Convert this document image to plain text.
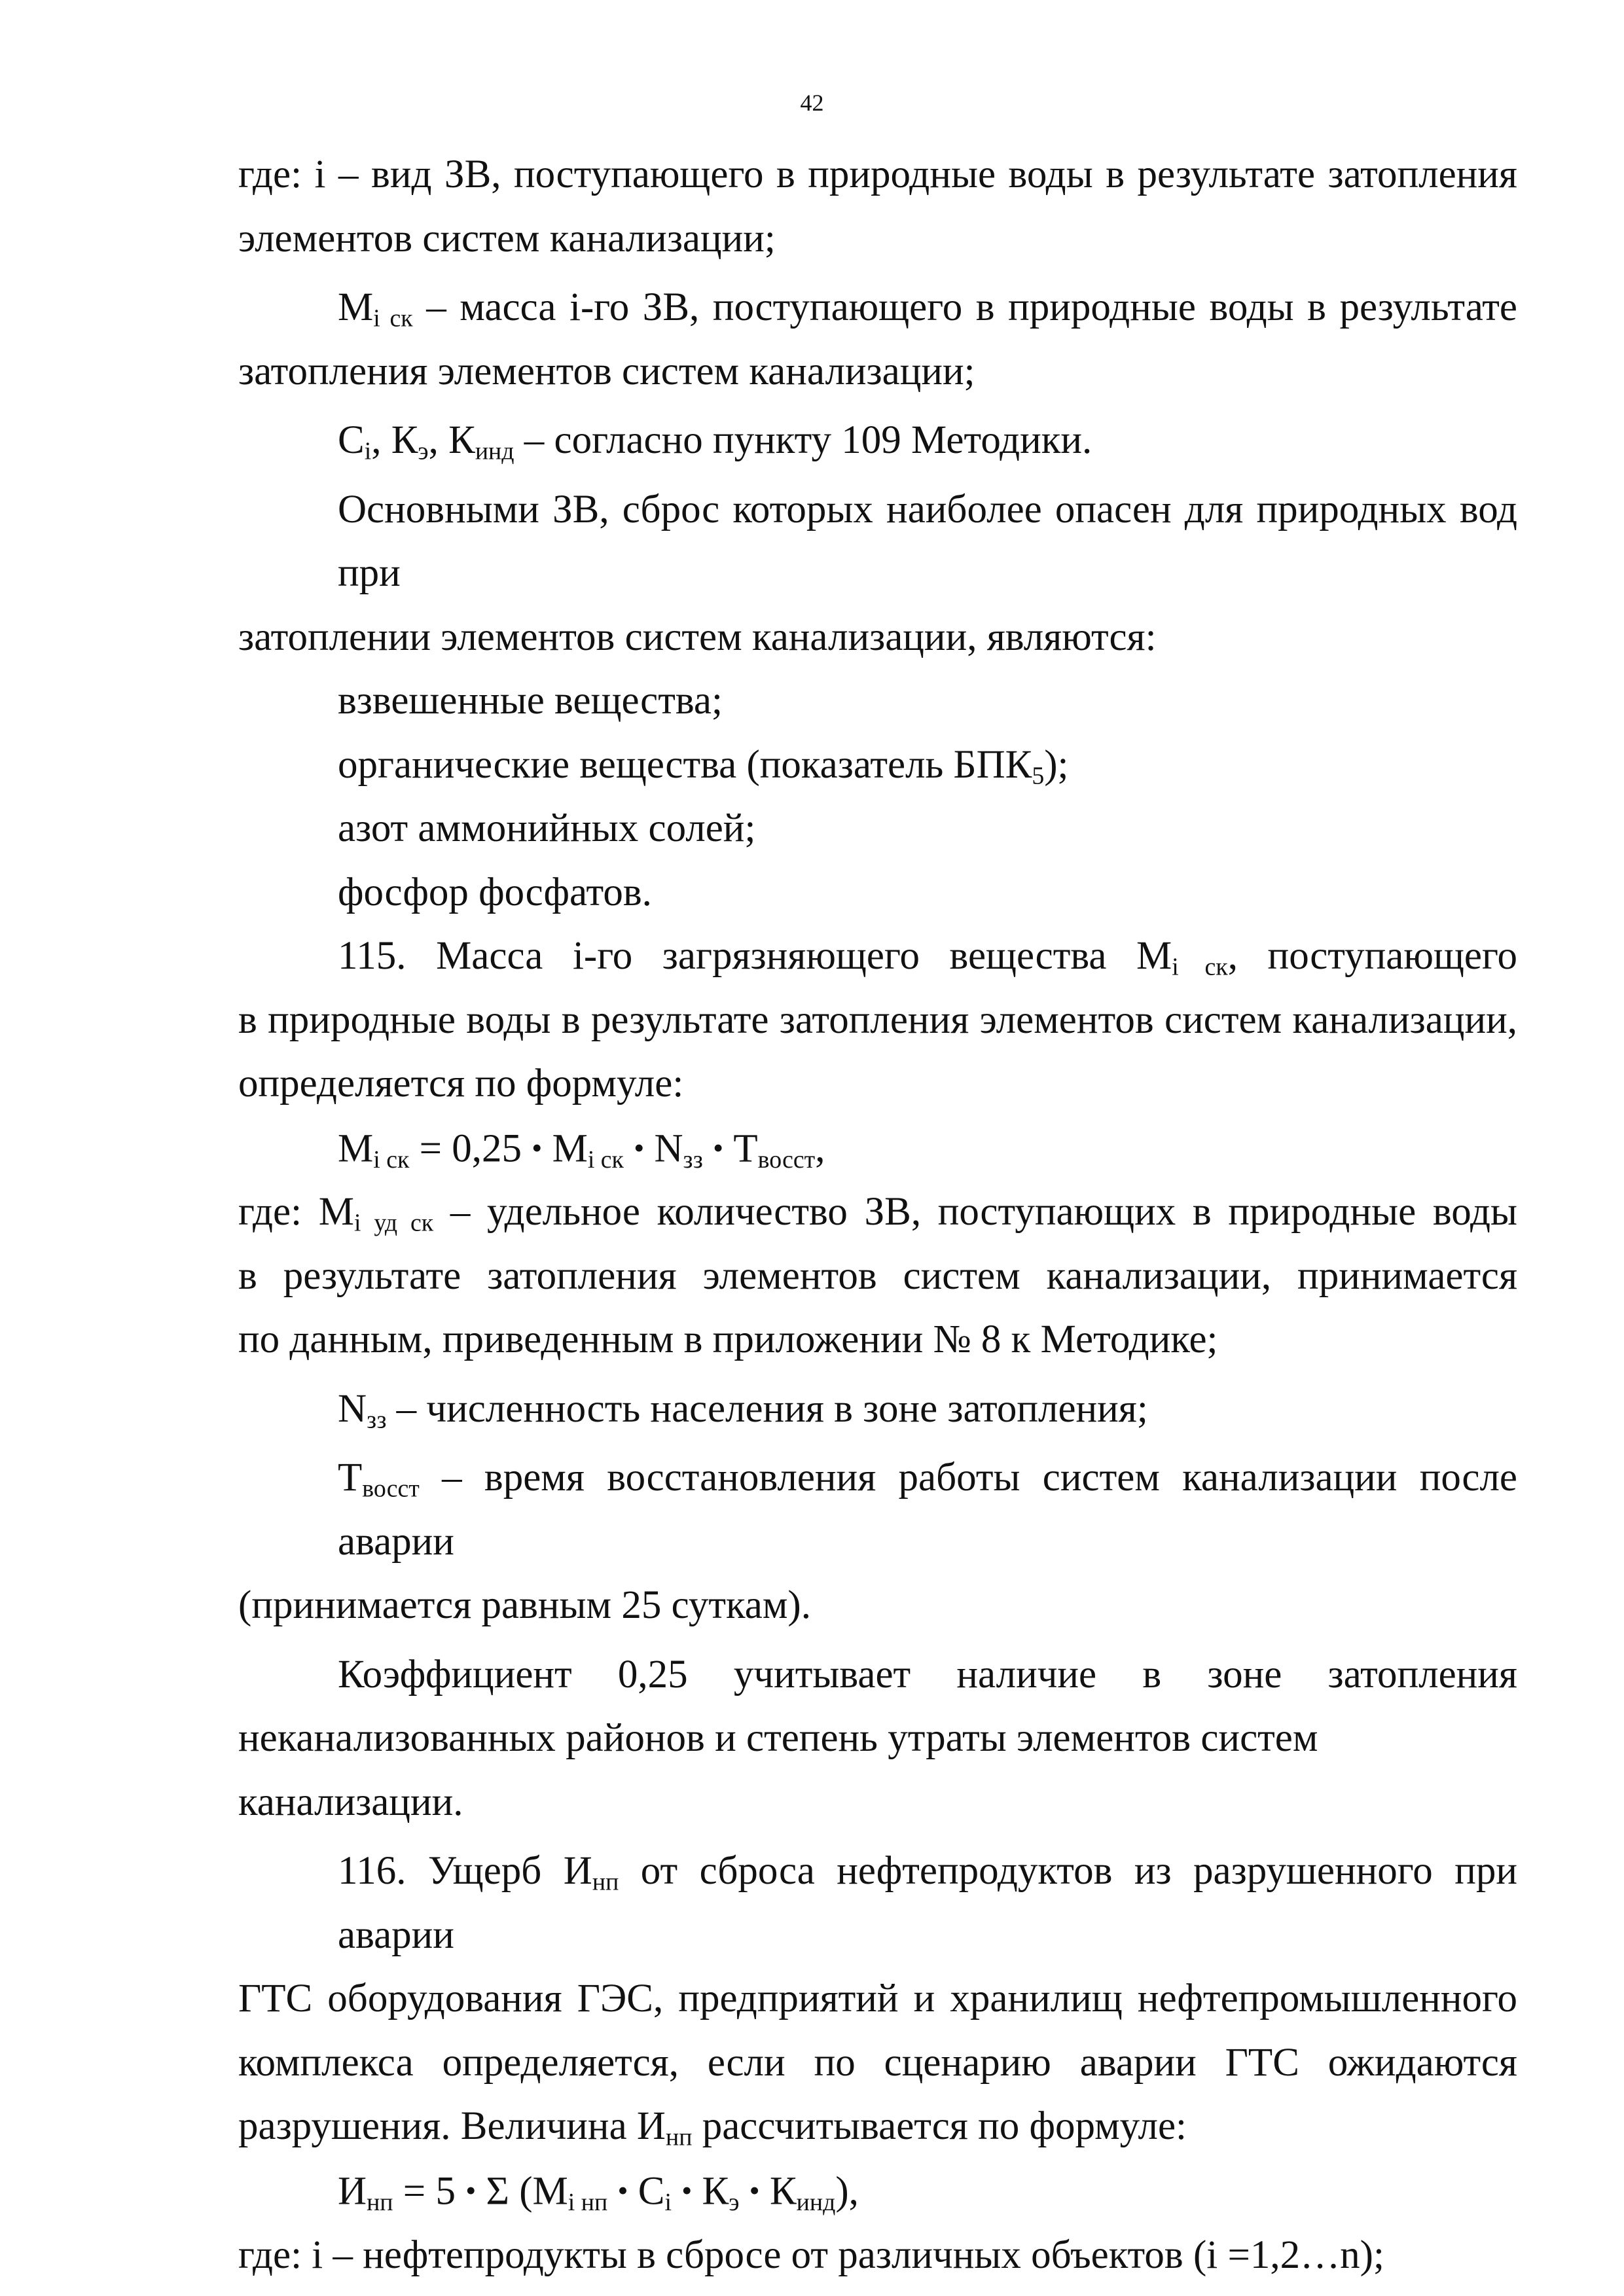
42

где: i – вид ЗВ, поступающего в природные воды в результате затопления

элементов систем канализации;

$M_{i ск}$ – масса i-го ЗВ, поступающего в природные воды в результате

затопления элементов систем канализации;

$С_i$, $К_э$, $К_{инд}$ – согласно пункту 109 Методики.

Основными ЗВ, сброс которых наиболее опасен для природных вод при

затоплении элементов систем канализации, являются:

взвешенные вещества;

органические вещества (показатель $БПК_5$);

азот аммонийных солей;

фосфор фосфатов.

115. Масса i-го загрязняющего вещества $M_{i ск}$, поступающего

в природные воды в результате затопления элементов систем канализации,

определяется по формуле:

$M_{i ск} = 0,25$ • $M_{i ск}$ • $N_{зз}$ • $T_{восст}$,

где: $M_{i уд ск}$ – удельное количество ЗВ, поступающих в природные воды

в результате затопления элементов систем канализации, принимается

по данным, приведенным в приложении № 8 к Методике;

$N_{зз}$ – численность населения в зоне затопления;

$T_{восст}$ – время восстановления работы систем канализации после аварии

(принимается равным 25 суткам).

Коэффициент 0,25 учитывает наличие в зоне затопления

неканализованных районов и степень утраты элементов систем канализации.

116. Ущерб $И_{нп}$ от сброса нефтепродуктов из разрушенного при аварии

ГТС оборудования ГЭС, предприятий и хранилищ нефтепромышленного

комплекса определяется, если по сценарию аварии ГТС ожидаются

разрушения. Величина $И_{нп}$ рассчитывается по формуле:

$И_{нп} = 5$ • Σ ($M_{i нп}$ • $C_i$ • $К_э$ • $К_{инд}$),

где: i – нефтепродукты в сбросе от различных объектов (i =1,2…n);
